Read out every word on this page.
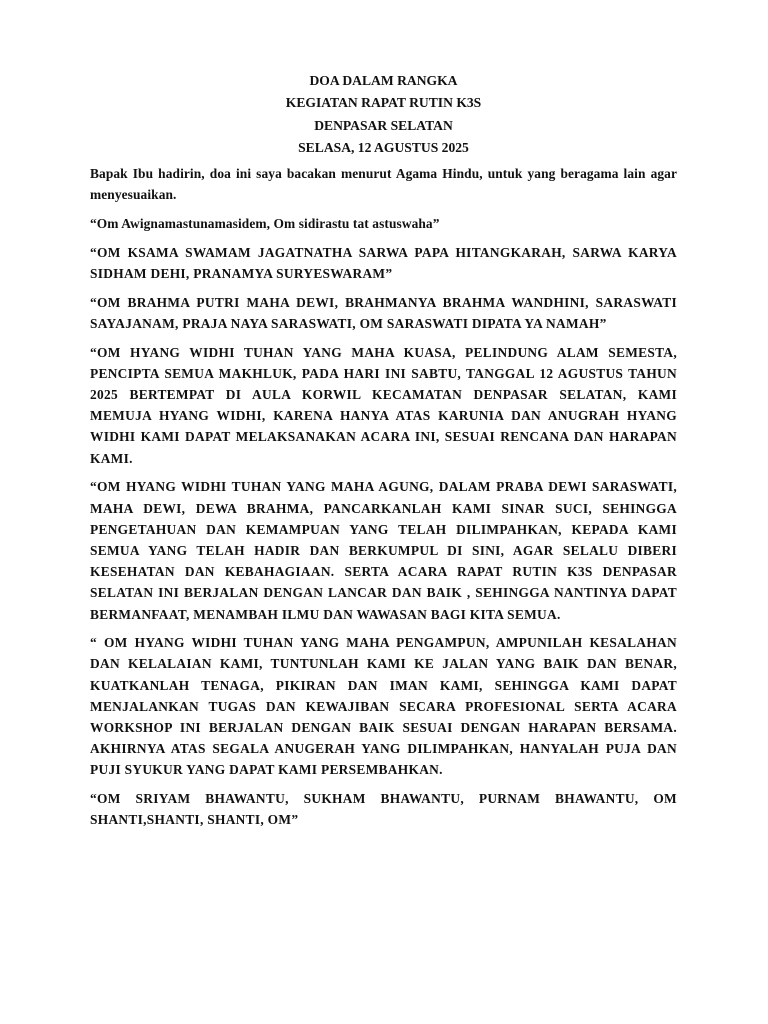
DOA DALAM RANGKA
KEGIATAN RAPAT RUTIN K3S
DENPASAR SELATAN
SELASA, 12 AGUSTUS 2025

Bapak Ibu hadirin, doa ini saya bacakan menurut Agama Hindu, untuk yang beragama lain agar menyesuaikan.

“Om Awignamastunamasidem, Om sidirastu tat astuswaha”

“OM KSAMA SWAMAM JAGATNATHA SARWA PAPA HITANGKARAH, SARWA KARYA SIDHAM DEHI, PRANAMYA SURYESWARAM”

“OM BRAHMA PUTRI MAHA DEWI, BRAHMANYA BRAHMA WANDHINI, SARASWATI SAYAJANAM, PRAJA NAYA SARASWATI, OM SARASWATI DIPATA YA NAMAH”

“OM HYANG WIDHI TUHAN YANG MAHA KUASA, PELINDUNG ALAM SEMESTA, PENCIPTA SEMUA MAKHLUK, PADA HARI INI SABTU, TANGGAL 12 AGUSTUS TAHUN 2025 BERTEMPAT DI AULA KORWIL KECAMATAN DENPASAR SELATAN, KAMI MEMUJA HYANG WIDHI, KARENA HANYA ATAS KARUNIA DAN ANUGRAH HYANG WIDHI KAMI DAPAT MELAKSANAKAN ACARA INI, SESUAI RENCANA DAN HARAPAN KAMI.

“OM HYANG WIDHI TUHAN YANG MAHA AGUNG, DALAM PRABA DEWI SARASWATI, MAHA DEWI, DEWA BRAHMA, PANCARKANLAH KAMI SINAR SUCI, SEHINGGA PENGETAHUAN DAN KEMAMPUAN YANG TELAH DILIMPAHKAN, KEPADA KAMI SEMUA YANG TELAH HADIR DAN BERKUMPUL DI SINI, AGAR SELALU DIBERI KESEHATAN DAN KEBAHAGIAAN. SERTA ACARA RAPAT RUTIN K3S DENPASAR SELATAN INI BERJALAN DENGAN LANCAR DAN BAIK , SEHINGGA NANTINYA DAPAT BERMANFAAT, MENAMBAH ILMU DAN WAWASAN BAGI KITA SEMUA.

“ OM HYANG WIDHI TUHAN YANG MAHA PENGAMPUN, AMPUNILAH KESALAHAN DAN KELALAIAN KAMI, TUNTUNLAH KAMI KE JALAN YANG BAIK DAN BENAR, KUATKANLAH TENAGA, PIKIRAN DAN IMAN KAMI, SEHINGGA KAMI DAPAT MENJALANKAN TUGAS DAN KEWAJIBAN SECARA PROFESIONAL SERTA ACARA WORKSHOP INI BERJALAN DENGAN BAIK SESUAI DENGAN HARAPAN BERSAMA. AKHIRNYA ATAS SEGALA ANUGERAH YANG DILIMPAHKAN, HANYALAH PUJA DAN PUJI SYUKUR YANG DAPAT KAMI PERSEMBAHKAN.

“OM SRIYAM BHAWANTU, SUKHAM BHAWANTU, PURNAM BHAWANTU, OM SHANTI,SHANTI, SHANTI, OM”
